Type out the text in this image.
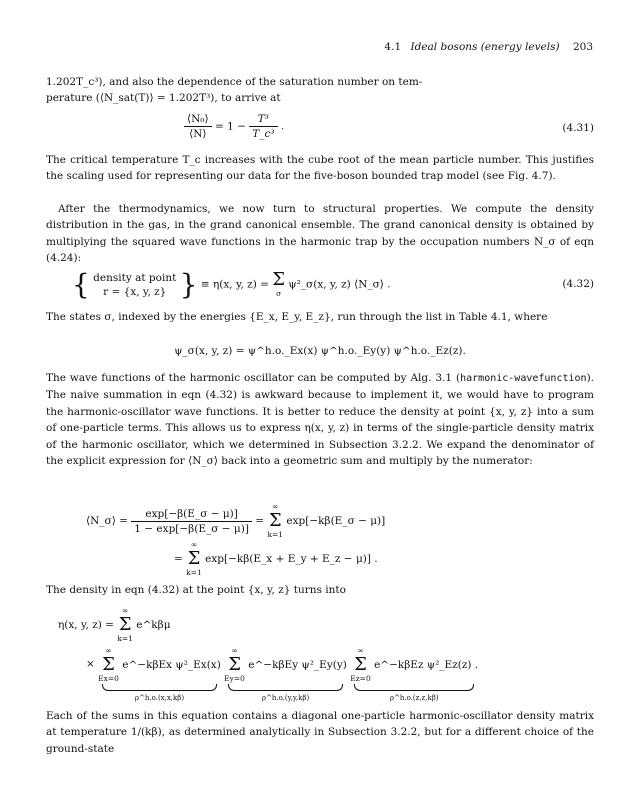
4.1 Ideal bosons (energy levels) 203

1.202T_c³), and also the dependence of the saturation number on tem-

perature (⟨N_sat(T)⟩ = 1.202T³), to arrive at

$\frac{\text{⟨N₀⟩}}{⟨N⟩} = 1 - \frac{\text{T³}}{\text{T\_c³}}$ .	(4.31)

The critical temperature T_c increases with the cube root of the mean particle number. This justifies the scaling used for representing our data for the five-boson bounded trap model (see Fig. 4.7).

After the thermodynamics, we now turn to structural properties. We compute the density distribution in the gas, in the grand canonical ensemble. The grand canonical density is obtained by multiplying the squared wave functions in the harmonic trap by the occupation numbers N_σ of eqn (4.24):

{ density at point
r = {x, y, z} } ≡ η(x, y, z) = Σ
σ
ψ²_σ(x, y, z) ⟨N_σ⟩ .	(4.32)

The states σ, indexed by the energies {E_x, E_y, E_z}, run through the list in Table 4.1, where

ψ_σ(x, y, z) = ψ^h.o._Ex(x) ψ^h.o._Ey(y) ψ^h.o._Ez(z).

The wave functions of the harmonic oscillator can be computed by Alg. 3.1 (harmonic-wavefunction). The naive summation in eqn (4.32) is awkward because to implement it, we would have to program the harmonic-oscillator wave functions. It is better to reduce the density at point {x, y, z} into a sum of one-particle terms. This allows us to express η(x, y, z) in terms of the single-particle density matrix of the harmonic oscillator, which we determined in Subsection 3.2.2. We expand the denominator of the explicit expression for ⟨N_σ⟩ back into a geometric sum and multiply by the numerator:

⟨N_σ⟩ = $\frac{\exp[-\beta(E\_\sigma - \mu)]}{1 - \exp[-\beta(E\_\sigma - \mu)]}$ =
∞
Σ
k=1
exp[−kβ(E_σ − μ)]
=
∞
Σ
k=1
exp[−kβ(E_x + E_y + E_z − μ)] .

The density in eqn (4.32) at the point {x, y, z} turns into

η(x, y, z) =
∞
Σ
k=1
e^kβμ
×
∞
Σ
Ex=0
e^−kβEx ψ²_Ex(x)
ρ^h.o.(x,x,kβ)

∞
Σ
Ey=0
e^−kβEy ψ²_Ey(y)
ρ^h.o.(y,y,kβ)

∞
Σ
Ez=0
e^−kβEz ψ²_Ez(z) .
ρ^h.o.(z,z,kβ)

Each of the sums in this equation contains a diagonal one-particle harmonic-oscillator density matrix at temperature 1/(kβ), as determined analytically in Subsection 3.2.2, but for a different choice of the ground-state
